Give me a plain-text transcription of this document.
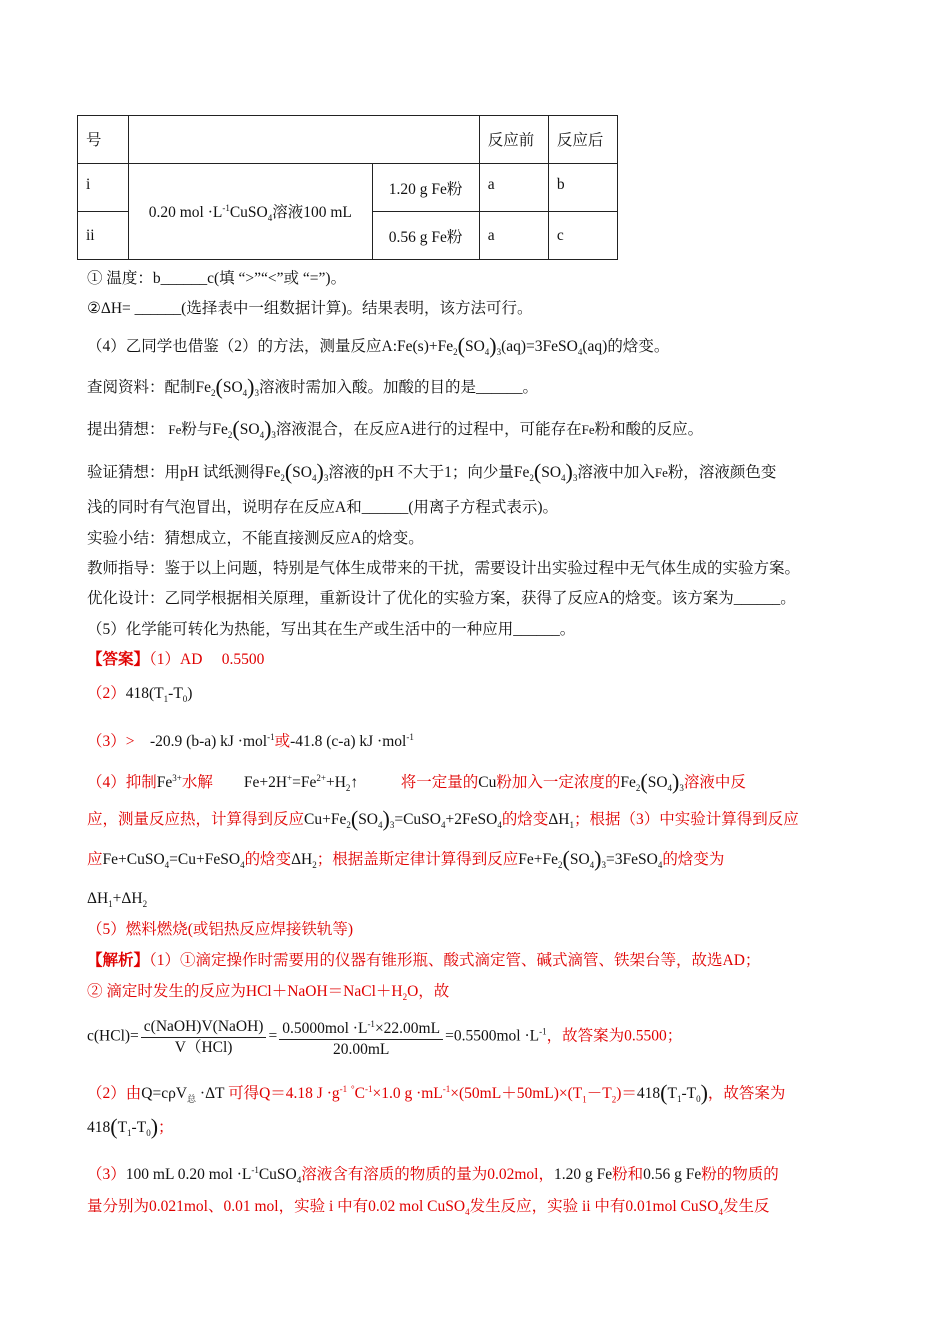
号			反应前	反应后
i	0.20 mol $\cdot L^{-1}CuSO_4$溶液100 mL	1.20 g Fe粉	a	b
ii		0.56 g Fe粉	a	c
① 温度：b______c(填 “>”“<”或 “=”)。
②ΔH= ______(选择表中一组数据计算)。结果表明，该方法可行。
（4）乙同学也借鉴（2）的方法，测量反应$A:Fe(s)+Fe_2(SO_4)_3(aq)=3FeSO_4(aq)$的焓变。
查阅资料：配制$Fe_2(SO_4)_3$溶液时需加入酸。加酸的目的是______。
提出猜想： Fe粉与$Fe_2(SO_4)_3$溶液混合，在反应A进行的过程中，可能存在Fe粉和酸的反应。
验证猜想：用pH 试纸测得$Fe_2(SO_4)_3$溶液的pH 不大于1；向少量$Fe_2(SO_4)_3$溶液中加入Fe粉，溶液颜色变
浅的同时有气泡冒出，说明存在反应A和______(用离子方程式表示)。
实验小结：猜想成立，不能直接测反应A的焓变。
教师指导：鉴于以上问题，特别是气体生成带来的干扰，需要设计出实验过程中无气体生成的实验方案。
优化设计：乙同学根据相关原理，重新设计了优化的实验方案，获得了反应A的焓变。该方案为______。
（5）化学能可转化为热能，写出其在生产或生活中的一种应用______。
【答案】（1）AD　 0.5500
$(2)418(T_1-T_0)$
（3）> -20.9 (b-a) kJ ·mol$^{-1}$或-41.8 (c-a) kJ ·mol$^{-1}$
（4）抑制$Fe^{3+}$水解 $Fe+2H^+=Fe^{2+}+H_2↑$	将一定量的Cu粉加入一定浓度的$Fe_2(SO_4)_3$溶液中反
应，测量反应热，计算得到反应$Cu+Fe_2(SO_4)_3=CuSO_4+2FeSO_4$的焓变$\Delta H_1$；根据（3）中实验计算得到反应
应Fe+CuSO$_4$=Cu+FeSO$_4$的焓变$\Delta H_2$；根据盖斯定律计算得到反应$Fe+Fe_2(SO_4)_3=3FeSO_4$的焓变为
$\Delta H_1+\Delta H_2$
（5）燃料燃烧(或铝热反应焊接铁轨等)
【解析】（1）①滴定操作时需要用的仪器有锥形瓶、酸式滴定管、碱式滴管、铁架台等，故选AD；
② 滴定时发生的反应为$HCl+NaOH=NaCl+H_2O$，故
$c(HCl)= \frac{\text{c(NaOH)V(NaOH)}}{\text{V（HCl)}} = \frac{0.5000mol \cdot L^{-1}\times 22.00mL}{20.00mL} =0.5500mol \cdot L^{-1}$，故答案为0.5500；
（2）由Q=cρV$_总$ ·ΔT 可得Q＝4.18 $J \cdot g^{-1}$ $^\circ C^{-1}\times 1.0$ $g \cdot mL^{-1}\times(50mL+50mL)\times(T_1-T_2)=418(T_1-T_0)$，故答案为
$418(T_1-T_0)$；
（3）100 mL 0.20 mol $\cdot L^{-1}CuSO_4$溶液含有溶质的物质的量为0.02mol，1.20 g Fe粉和0.56 g Fe粉的物质的
量分别为0.021mol、0.01 mol，实验 i 中有0.02 mol CuSO$_4$发生反应，实验 ii 中有0.01mol CuSO$_4$发生反
